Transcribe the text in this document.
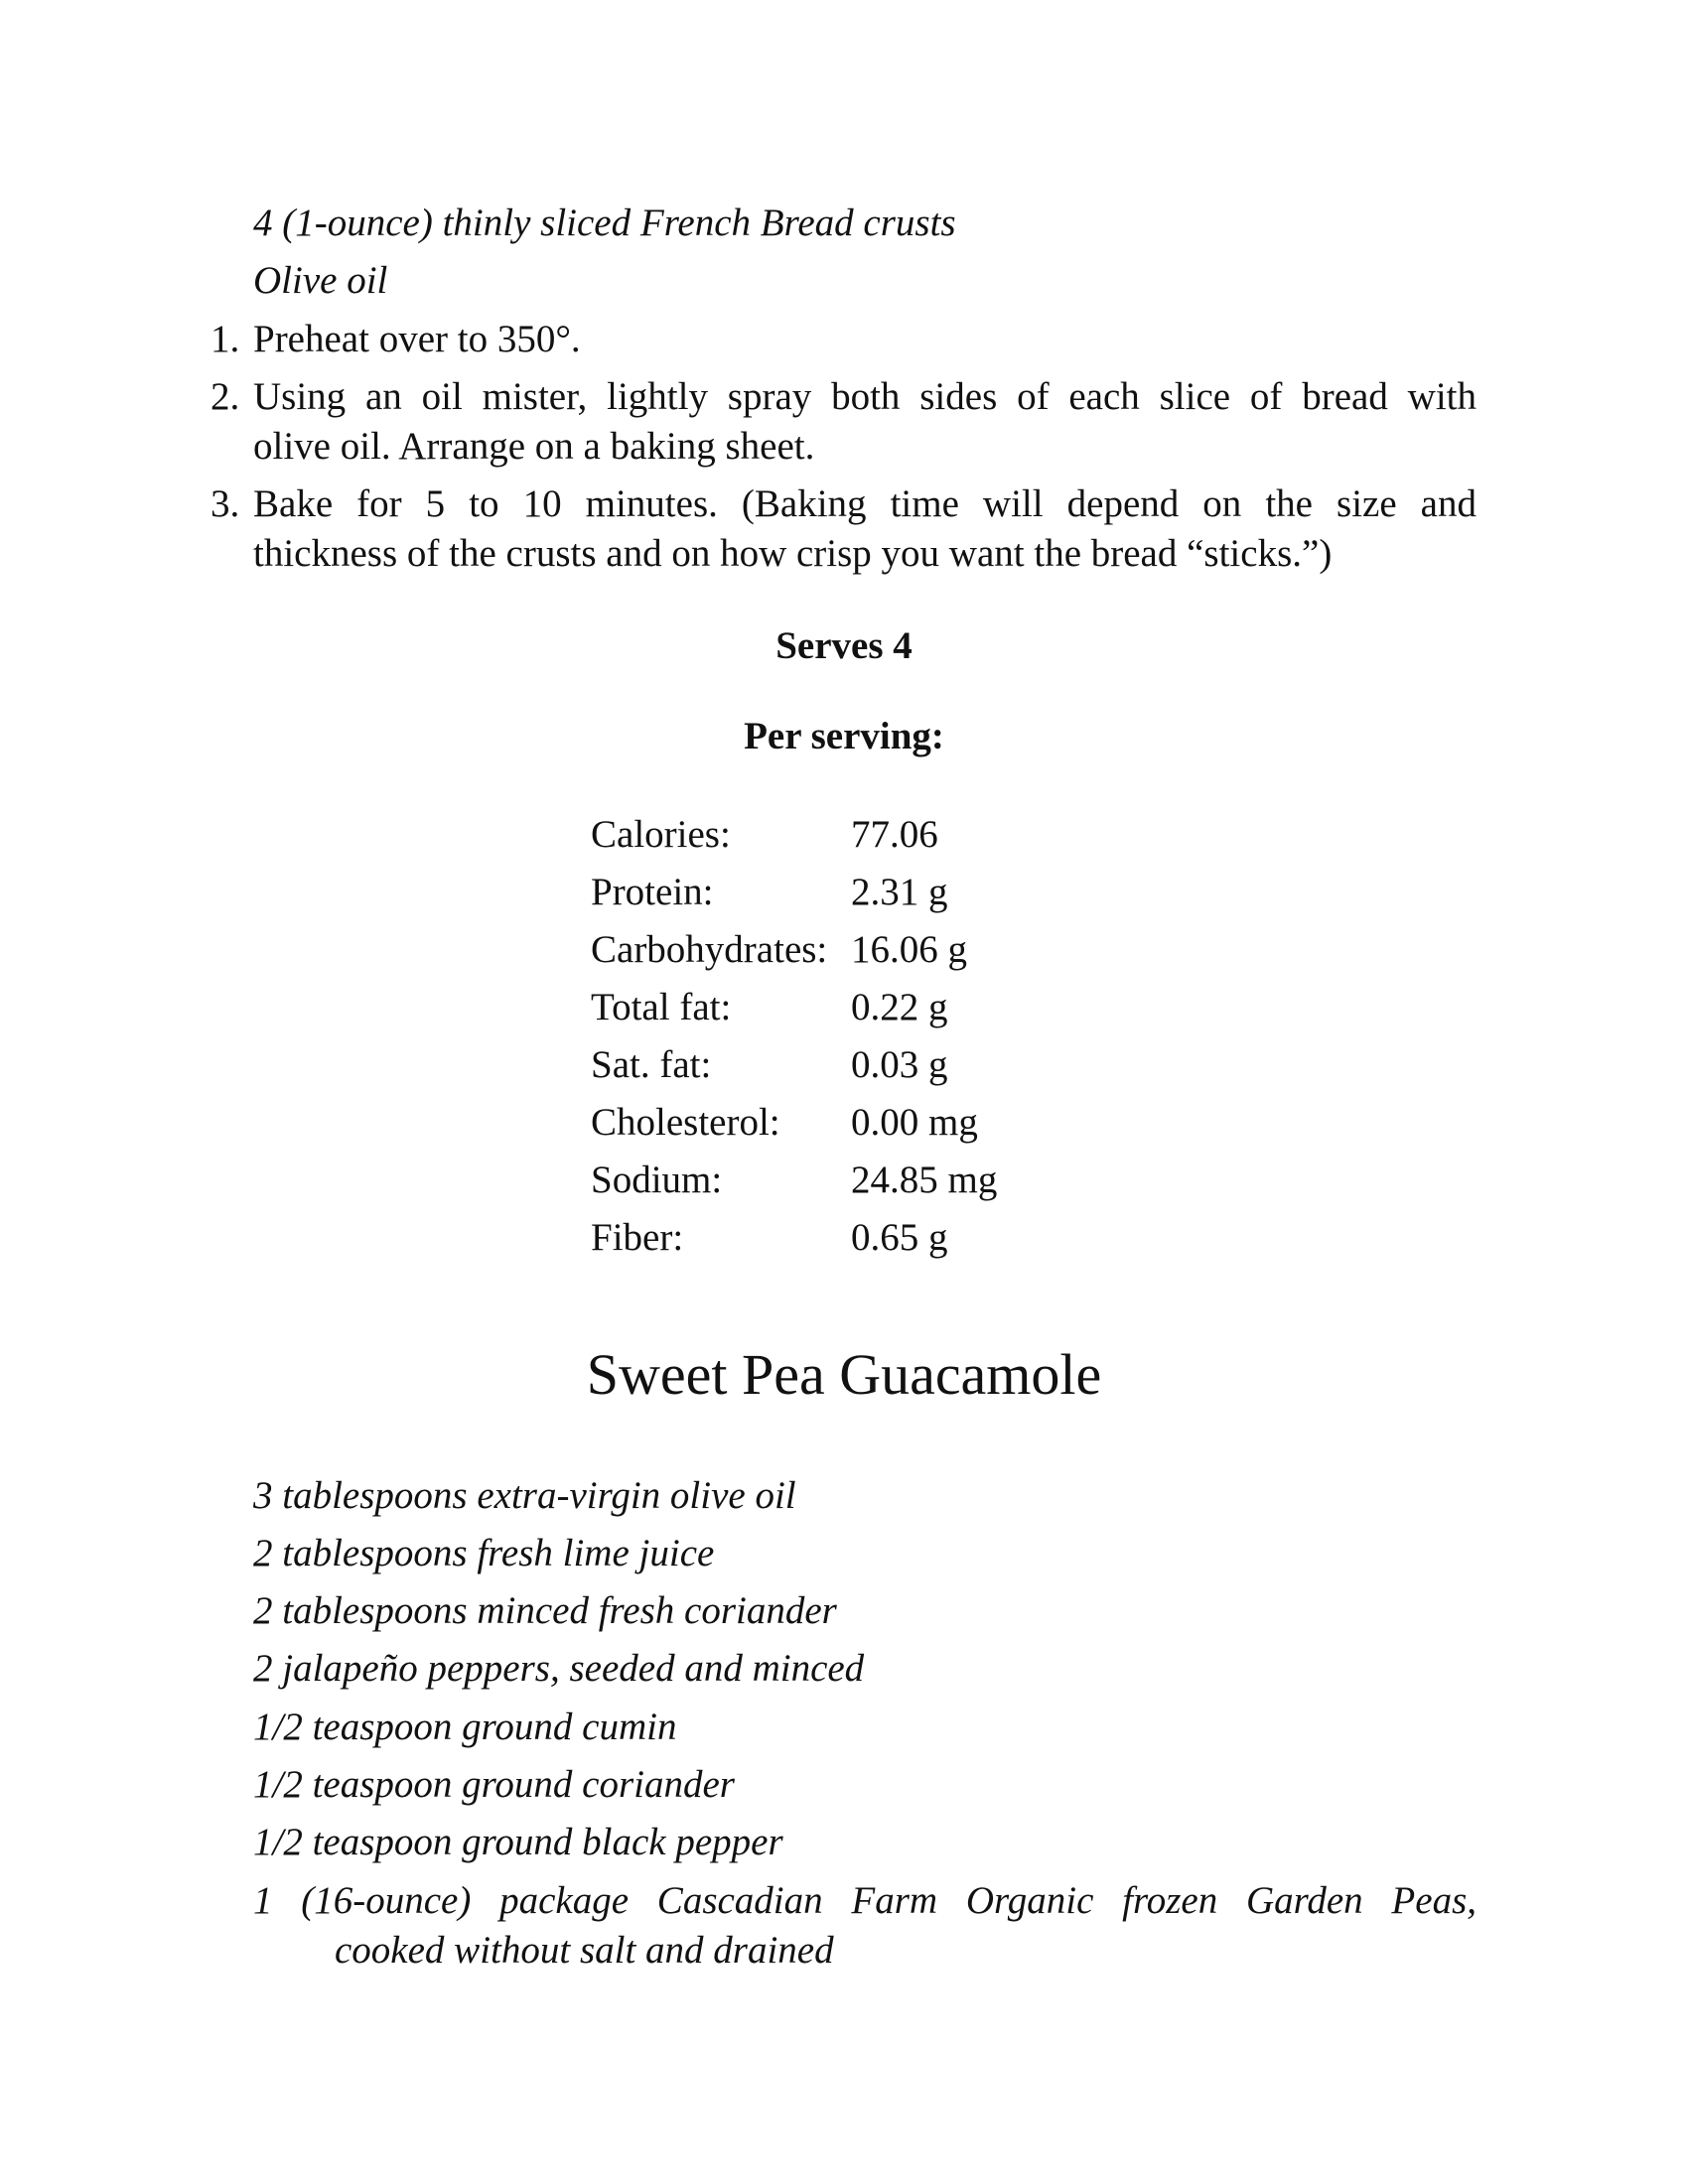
4 (1-ounce) thinly sliced French Bread crusts
Olive oil
1. Preheat over to 350°.
2. Using an oil mister, lightly spray both sides of each slice of bread with
olive oil. Arrange on a baking sheet.
3. Bake for 5 to 10 minutes. (Baking time will depend on the size and
thickness of the crusts and on how crisp you want the bread “sticks.”)
Serves 4
Per serving:
Calories:	77.06
Protein:	2.31 g
Carbohydrates: 16.06 g
Total fat:	0.22 g
Sat. fat:	0.03 g
Cholesterol:	0.00 mg
Sodium:	24.85 mg
Fiber:	0.65 g
Sweet Pea Guacamole
3 tablespoons extra-virgin olive oil
2 tablespoons fresh lime juice
2 tablespoons minced fresh coriander
2 jalapeño peppers, seeded and minced
1/2 teaspoon ground cumin
1/2 teaspoon ground coriander
1/2 teaspoon ground black pepper
1 (16-ounce) package Cascadian Farm Organic frozen Garden Peas,
cooked without salt and drained
